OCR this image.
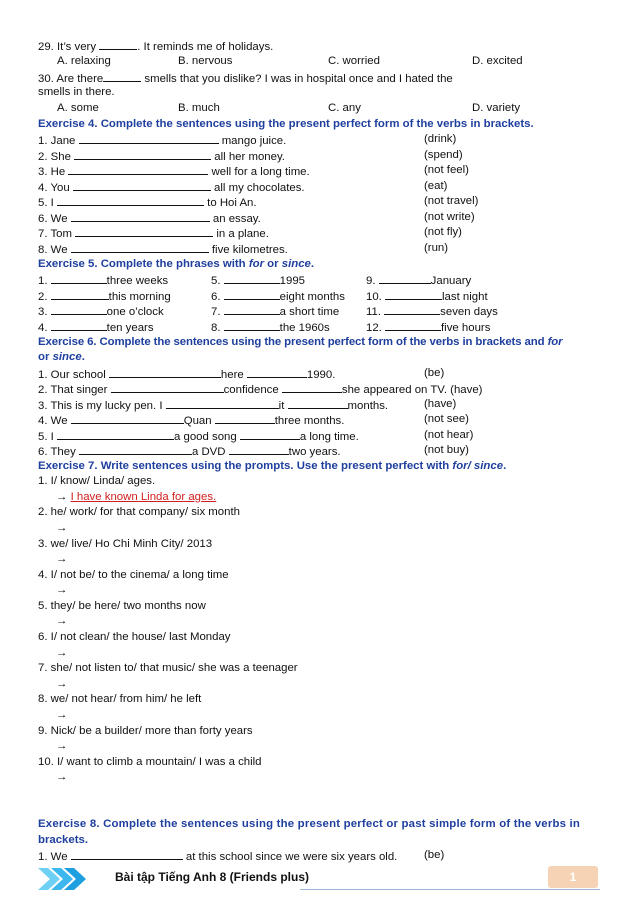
29. It’s very	. It reminds me of holidays.
A. relaxing	B. nervous	C. worried	D. excited
30. Are there	smells that you dislike? I was in hospital once and I hated the
smells in there.
A. some	B. much	C. any	D. variety
Exercise 4. Complete the sentences using the present perfect form of the verbs in brackets.
1. Jane	mango juice.	(drink)
2. She	all her money.	(spend)
3. He	well for a long time.	(not feel)
4. You	all my chocolates.	(eat)
5. I	to Hoi An.	(not travel)
6. We	an essay.	(not write)
7. Tom	in a plane.	(not fly)
8. We	five kilometres.	(run)
Exercise 5. Complete the phrases with for or since.
1.	three weeks
2.	this morning
3.	one o’clock
4.	ten years
5.	1995
6.	eight months
7.	a short time
8.	the 1960s
9.	January
10.	last night
11.	seven days
12.	five hours
Exercise 6. Complete the sentences using the present perfect form of the verbs in brackets and for
or since.
1. Our school	here	1990.	(be)
2. That singer	confidence	she appeared on TV. (have)
3. This is my lucky pen. I	it	months.	(have)
4. We	Quan	three months.	(not see)
5. I	a good song	a long time.	(not hear)
6. They	a DVD	two years.	(not buy)
Exercise 7. Write sentences using the prompts. Use the present perfect with for/ since.
1. I/ know/ Linda/ ages.
→ I have known Linda for ages.
2. he/ work/ for that company/ six month
→
3. we/ live/ Ho Chi Minh City/ 2013
→
4. I/ not be/ to the cinema/ a long time
→
5. they/ be here/ two months now
→
6. I/ not clean/ the house/ last Monday
→
7. she/ not listen to/ that music/ she was a teenager
→
8. we/ not hear/ from him/ he left
→
9. Nick/ be a builder/ more than forty years
→
10. I/ want to climb a mountain/ I was a child
→
Exercise 8. Complete the sentences using the present perfect or past simple form of the verbs in
brackets.
1. We	at this school since we were six years old. (be)
Bài tập Tiếng Anh 8 (Friends plus)	1
